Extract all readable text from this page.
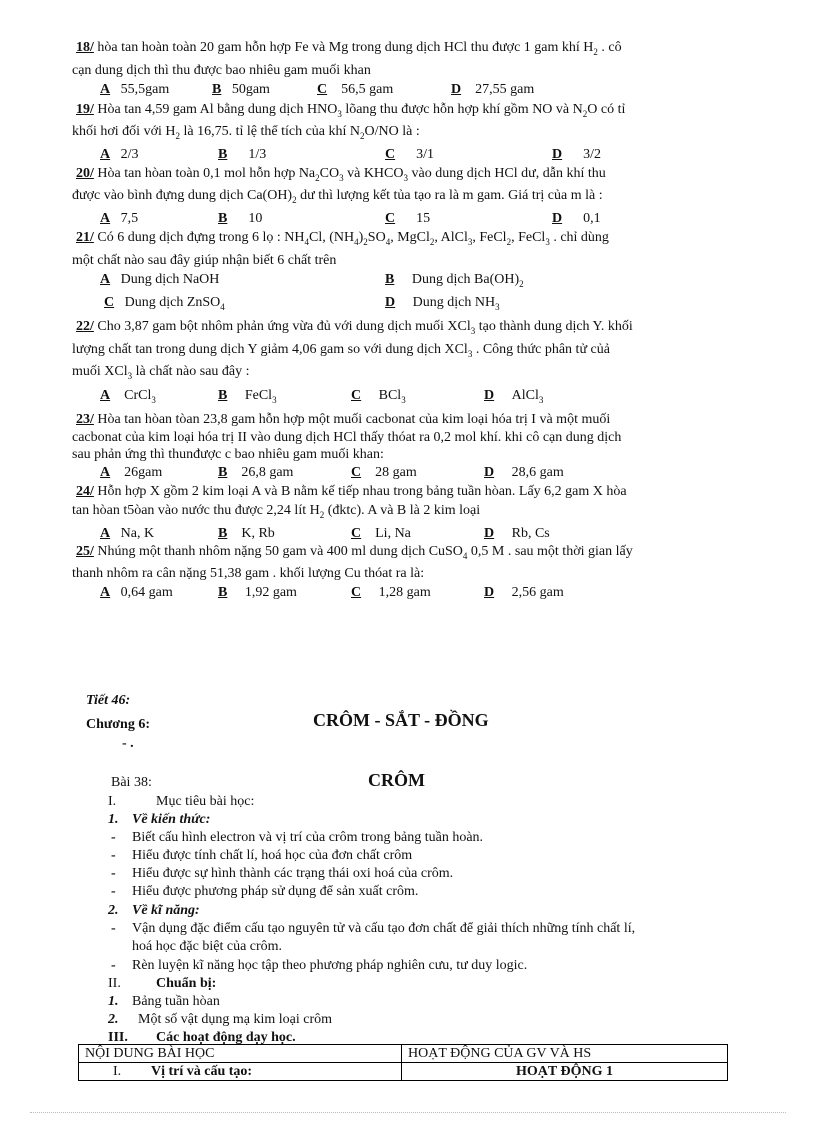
18/ hòa tan hoàn toàn 20 gam hỗn hợp Fe và Mg trong dung dịch HCl thu được 1 gam khí $H_2$ . cô
cạn dung dịch thì thu được bao nhiêu gam muối khan
A 55,5gam	B 50gam	C 56,5 gam	D 27,55 gam
19/ Hòa tan 4,59 gam Al bằng dung dịch $HNO_3$ lõang thu được hỗn hợp khí gồm NO và $N_2O$ có tỉ
khối hơi đối với $H_2$ là 16,75. tỉ lệ thể tích của khí $N_2O/NO$ là :
A 2/3	B 1/3	C 3/1	D 3/2
20/ Hòa tan hòan toàn 0,1 mol hỗn hợp $Na_2CO_3$ và $KHCO_3$ vào dung dịch HCl dư, dẫn khí thu
được vào bình đựng dung dịch $Ca(OH)_2$ dư thì lượng kết tủa tạo ra là m gam. Giá trị của m là :
A 7,5	B 10	C 15	D 0,1
21/ Có 6 dung dịch đựng trong 6 lọ : $NH_4Cl$, $(NH_4)_2SO_4$, MgCl$_2$, AlCl$_3$, FeCl$_2$, FeCl$_3$ . chỉ dùng
một chất nào sau đây giúp nhận biết 6 chất trên
A Dung dịch NaOH	B Dung dịch $Ba(OH)_2$
C Dung dịch ZnSO$_4$	D Dung dịch $NH_3$
22/ Cho 3,87 gam bột nhôm phản ứng vừa đủ với dung dịch muối XCl$_3$ tạo thành dung dịch Y. khối
lượng chất tan trong dung dịch Y giảm 4,06 gam so với dung dịch XCl$_3$ . Công thức phân tử củả
muối XCl$_3$ là chất nào sau đây :
A CrCl$_3$	B FeCl$_3$	C BCl$_3$	D AlCl$_3$
23/ Hòa tan hòan tòan 23,8 gam hỗn hợp một muối cacbonat của kim loại hóa trị I và một muối
cacbonat của kim loại hóa trị II vào dung dịch HCl thấy thóat ra 0,2 mol khí. khi cô cạn dung dịch
sau phản ứng thì thunđược c bao nhiêu gam muối khan:
A 26gam	B 26,8 gam	C 28 gam	D 28,6 gam
24/ Hỗn hợp X gồm 2 kim loại A và B nằm kế tiếp nhau trong bảng tuần hòan. Lấy 6,2 gam X hòa
tan hòan t5òan vào nước thu được 2,24 lít $H_2$ (đktc). A và B là 2 kim loại
A Na, K	B K, Rb	C Li, Na	D Rb, Cs
25/ Nhúng một thanh nhôm nặng 50 gam và 400 ml dung dịch CuSO$_4$ 0,5 M . sau một thời gian lấy
thanh nhôm ra cân nặng 51,38 gam . khối lượng Cu thóat ra là:
A 0,64 gam	B 1,92 gam	C 1,28 gam	D 2,56 gam
Tiết 46:
Chương 6:	CRÔM - SẮT - ĐỒNG
- .
Bài 38:	CRÔM
I.	Mục tiêu bài học:
1. Về kiến thức:
- Biết cấu hình electron và vị trí của crôm trong bảng tuần hoàn.
- Hiểu được tính chất lí, hoá học của đơn chất crôm
- Hiểu được sự hình thành các trạng thái oxi hoá của crôm.
- Hiểu được phương pháp sử dụng để sản xuất crôm.
2. Về kĩ năng:
- Vận dụng đặc điểm cấu tạo nguyên tử và cấu tạo đơn chất để giải thích những tính chất lí,
hoá học đặc biệt của crôm.
- Rèn luyện kĩ năng học tập theo phương pháp nghiên cưu, tư duy logic.
II.	Chuẩn bị:
1. Bảng tuần hòan
2. Một số vật dụng mạ kim loại crôm
III. Các hoạt động dạy học.
NỘI DUNG BÀI HỌC	HOẠT ĐỘNG CỦA GV VÀ HS
I. Vị trí và cấu tạo:	HOẠT ĐỘNG 1
